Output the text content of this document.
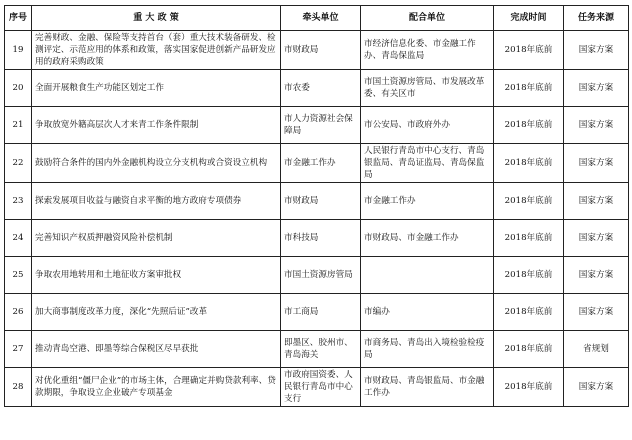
序号	重 大 政 策	牵头单位	配合单位	完成时间	任务来源
19	完善财政、金融、保险等支持首台（套）重大技术装备研发、检测评定、示范应用的体系和政策，落实国家促进创新产品研发应用的政府采购政策	市财政局	市经济信息化委、市金融工作办、青岛保监局	2018年底前	国家方案
20	全面开展粮食生产功能区划定工作	市农委	市国土资源房管局、市发展改革委、有关区市	2018年底前	国家方案
21	争取放宽外籍高层次人才来青工作条件限制	市人力资源社会保障局	市公安局、市政府外办	2018年底前	国家方案
22	鼓励符合条件的国内外金融机构设立分支机构或合资设立机构	市金融工作办	人民银行青岛市中心支行、青岛银监局、青岛证监局、青岛保监局	2018年底前	国家方案
23	探索发展项目收益与融资自求平衡的地方政府专项债券	市财政局	市金融工作办	2018年底前	国家方案
24	完善知识产权质押融资风险补偿机制	市科技局	市财政局、市金融工作办	2018年底前	国家方案
25	争取农用地转用和土地征收方案审批权	市国土资源房管局		2018年底前	国家方案
26	加大商事制度改革力度，深化“先照后证”改革	市工商局	市编办	2018年底前	国家方案
27	推动青岛空港、即墨等综合保税区尽早获批	即墨区、胶州市、青岛海关	市商务局、青岛出入境检验检疫局	2018年底前	省规划
28	对优化重组“僵尸企业”的市场主体，合理确定并购贷款利率、贷款期限，争取设立企业破产专项基金	市政府国资委、人民银行青岛市中心支行	市财政局、青岛银监局、市金融工作办	2018年底前	国家方案
